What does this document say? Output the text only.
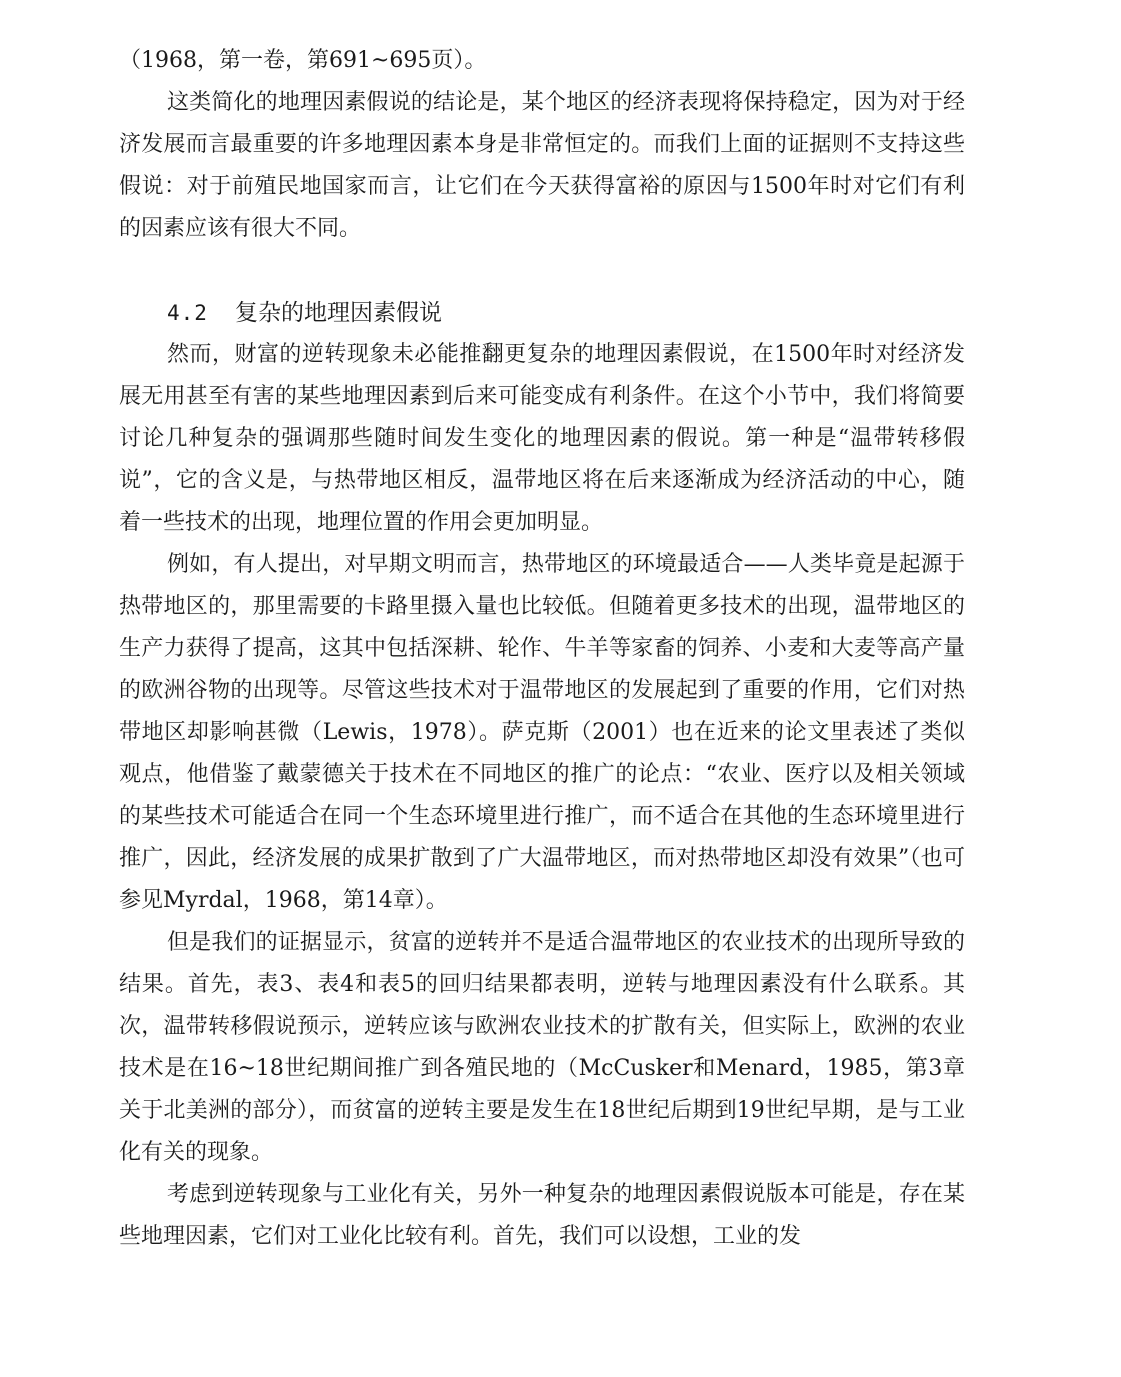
（1968，第一卷，第691~695页）。

这类简化的地理因素假说的结论是，某个地区的经济表现将保持稳定，因为对于经济发展而言最重要的许多地理因素本身是非常恒定的。而我们上面的证据则不支持这些假说：对于前殖民地国家而言，让它们在今天获得富裕的原因与1500年时对它们有利的因素应该有很大不同。

4.2	复杂的地理因素假说

然而，财富的逆转现象未必能推翻更复杂的地理因素假说，在1500年时对经济发展无用甚至有害的某些地理因素到后来可能变成有利条件。在这个小节中，我们将简要讨论几种复杂的强调那些随时间发生变化的地理因素的假说。第一种是“温带转移假说”，它的含义是，与热带地区相反，温带地区将在后来逐渐成为经济活动的中心，随着一些技术的出现，地理位置的作用会更加明显。

例如，有人提出，对早期文明而言，热带地区的环境最适合——人类毕竟是起源于热带地区的，那里需要的卡路里摄入量也比较低。但随着更多技术的出现，温带地区的生产力获得了提高，这其中包括深耕、轮作、牛羊等家畜的饲养、小麦和大麦等高产量的欧洲谷物的出现等。尽管这些技术对于温带地区的发展起到了重要的作用，它们对热带地区却影响甚微（Lewis，1978）。萨克斯（2001）也在近来的论文里表述了类似观点，他借鉴了戴蒙德关于技术在不同地区的推广的论点：“农业、医疗以及相关领域的某些技术可能适合在同一个生态环境里进行推广，而不适合在其他的生态环境里进行推广，因此，经济发展的成果扩散到了广大温带地区，而对热带地区却没有效果”（也可参见Myrdal，1968，第14章）。

但是我们的证据显示，贫富的逆转并不是适合温带地区的农业技术的出现所导致的结果。首先，表3、表4和表5的回归结果都表明，逆转与地理因素没有什么联系。其次，温带转移假说预示，逆转应该与欧洲农业技术的扩散有关，但实际上，欧洲的农业技术是在16~18世纪期间推广到各殖民地的（McCusker和Menard，1985，第3章关于北美洲的部分），而贫富的逆转主要是发生在18世纪后期到19世纪早期，是与工业化有关的现象。

考虑到逆转现象与工业化有关，另外一种复杂的地理因素假说版本可能是，存在某些地理因素，它们对工业化比较有利。首先，我们可以设想，工业的发
